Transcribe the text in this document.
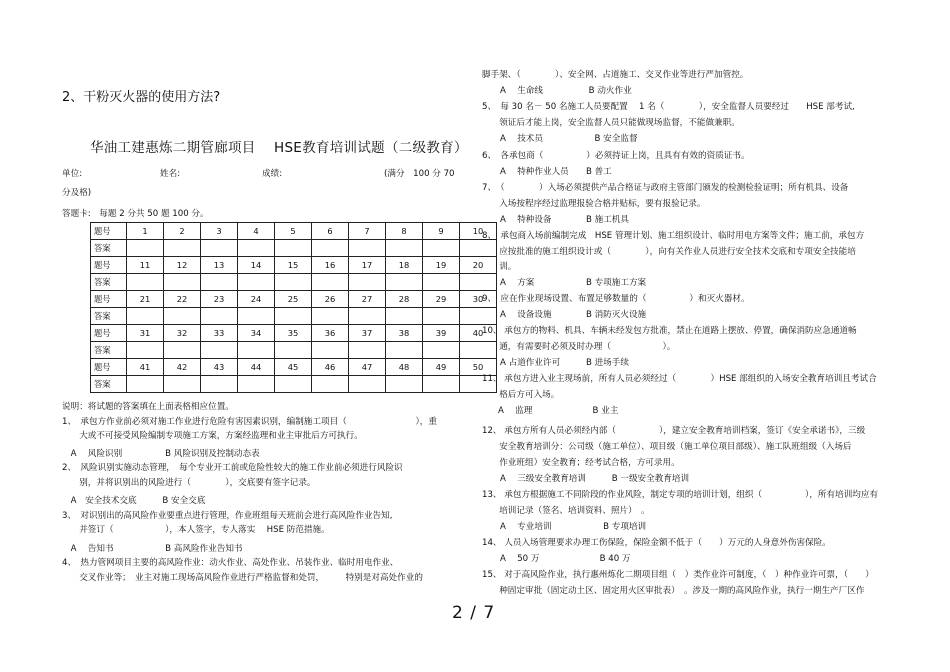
2、干粉灭火器的使用方法?
华油工建惠炼二期管廊项目　 HSE教育培训试题（二级教育）
单位:	姓名:	成绩:	(满分　100 分 70
分及格)
答题卡:　每题 2 分共 50 题 100 分。
题号	1	2	3	4	5	6	7	8	9	10
答案										
题号	11	12	13	14	15	16	17	18	19	20
答案										
题号	21	22	23	24	25	26	27	28	29	30
答案										
题号	31	32	33	34	35	36	37	38	39	40
答案										
题号	41	42	43	44	45	46	47	48	49	50
答案										
说明：将试题的答案填在上面表格相应位置。
1、　承包方作业前必须对施工作业进行危险有害因素识别，编制施工项目（　　　　　　　　），重
　　大或不可接受风险编制专项施工方案，方案经监理和业主审批后方可执行。
　A　 风险识别　　　　　B 风险识别及控制动态表
2、　风险识别实施动态管理，　每个专业开工前或危险性较大的施工作业前必须进行风险识
　　别，并将识别出的风险进行（　　　　），交底要有签字记录。
　A　安全技术交底　　　B 安全交底
3、　对识别出的高风险作业要重点进行管理，作业班组每天班前会进行高风险作业告知,
　　并签订（　　　　　　），本人签字，专人落实　 HSE 防范措施。
　A　 告知书　　　　　　B 高风险作业告知书
4、　热力管网项目主要的高风险作业：动火作业、高处作业、吊装作业、临时用电作业、
　　交叉作业等；　业主对施工现场高风险作业进行严格监督和处罚，　　　特别是对高处作业的
脚手架、（　　　　）、安全网、占道施工、交叉作业等进行严加管控。
A　 生命线　　　　　 B 动火作业
5、　每 30 名－ 50 名施工人员要配置　 1 名（　　　　），安全监督人员要经过　　HSE 部考试,
　　领证后才能上岗，安全监督人员只能做现场监督，不能做兼职。
A　 技术员　　　　　　B 安全监督
6、　各承包商（　　　　　）必须持证上岗，且具有有效的资质证书。
A　 特种作业人员　　B 普工
7、　（　　　　）入场必须提供产品合格证与政府主管部门颁发的检测检验证明；所有机具、设备
　　入场按程序经过监理报验合格并贴标，要有报验记录。
A　 特种设备　　　　B 施工机具
8、　承包商入场前编制完成　HSE 管理计划、施工组织设计、临时用电方案等文件；施工前，承包方
　　应按批准的施工组织设计或（　　　　），向有关作业人员进行安全技术交底和专项安全技能培
　　训。
A　 方案　　　　　　B 专项施工方案
9、　应在作业现场设置、布置足够数量的（　　　　　）和灭火器材。
A　 设备设施　　　　B 消防灭火设施
10、 承包方的物料、机具、车辆未经发包方批准，禁止在道路上摆放、停置，确保消防应急通道畅
　　通，有需要时必须及时办理（　　　　　　）。
A 占道作业许可　　　B 进场手续
11、 承包方进入业主现场前，所有人员必须经过（　　　　）HSE 部组织的入场安全教育培训且考试合
　　格后方可入场。
A　 监理　　　　　　　B 业主
12、 承包方所有人员必须经内部（　　　　　），建立安全教育培训档案，签订《安全承诺书》，三级
　　安全教育培训分：公司级（施工单位）、项目级（施工单位项目部级）、施工队班组级（入场后
　　作业班组）安全教育；经考试合格，方可录用。
A　 三级安全教育培训　　　B 一级安全教育培训
13、 承包方根据施工不同阶段的作业风险，制定专项的培训计划，组织（　　　　　），所有培训均应有
　　培训记录（签名、培训资料、照片）　。
A　 专业培训　　　　　　B 专项培训
14、 人员入场管理要求办理工伤保险，保险金额不低于（　　）万元的人身意外伤害保险。
A　 50 万　　　　　　　B 40 万
15、 对于高风险作业，执行惠州炼化二期项目组（　）类作业许可制度，（　）种作业许可票，（　　）
　　种固定审批（固定动土区、固定用火区审批表）　。涉及一期的高风险作业，执行一期生产厂区作
2 / 7
